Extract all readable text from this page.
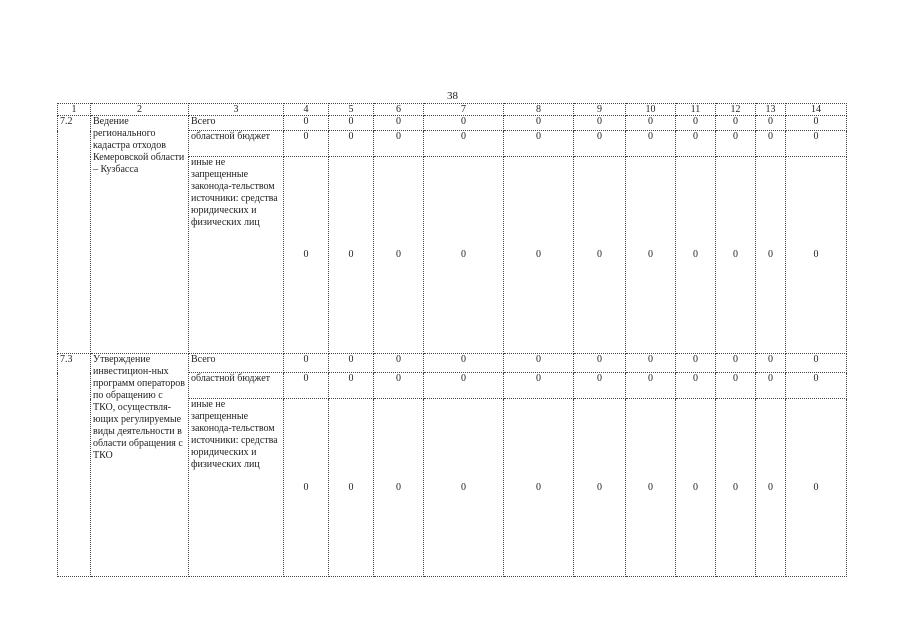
38
1	2	3	4	5	6	7	8	9	10	11	12	13	14
7.2	Ведение регионального кадастра отходов Кемеровской области – Кузбасса	Всего	0	0	0	0	0	0	0	0	0	0	0
		областной бюджет	0	0	0	0	0	0	0	0	0	0	0
		иные не запрещенные законода-тельством источники: средства юридических и физических лиц	0	0	0	0	0	0	0	0	0	0	0
7.3	Утверждение инвестицион-ных программ операторов по обращению с ТКО, осуществля-ющих регулируемые виды деятельности в области обращения с ТКО	Всего	0	0	0	0	0	0	0	0	0	0	0
		областной бюджет	0	0	0	0	0	0	0	0	0	0	0
		иные не запрещенные законода-тельством источники: средства юридических и физических лиц	0	0	0	0	0	0	0	0	0	0	0
